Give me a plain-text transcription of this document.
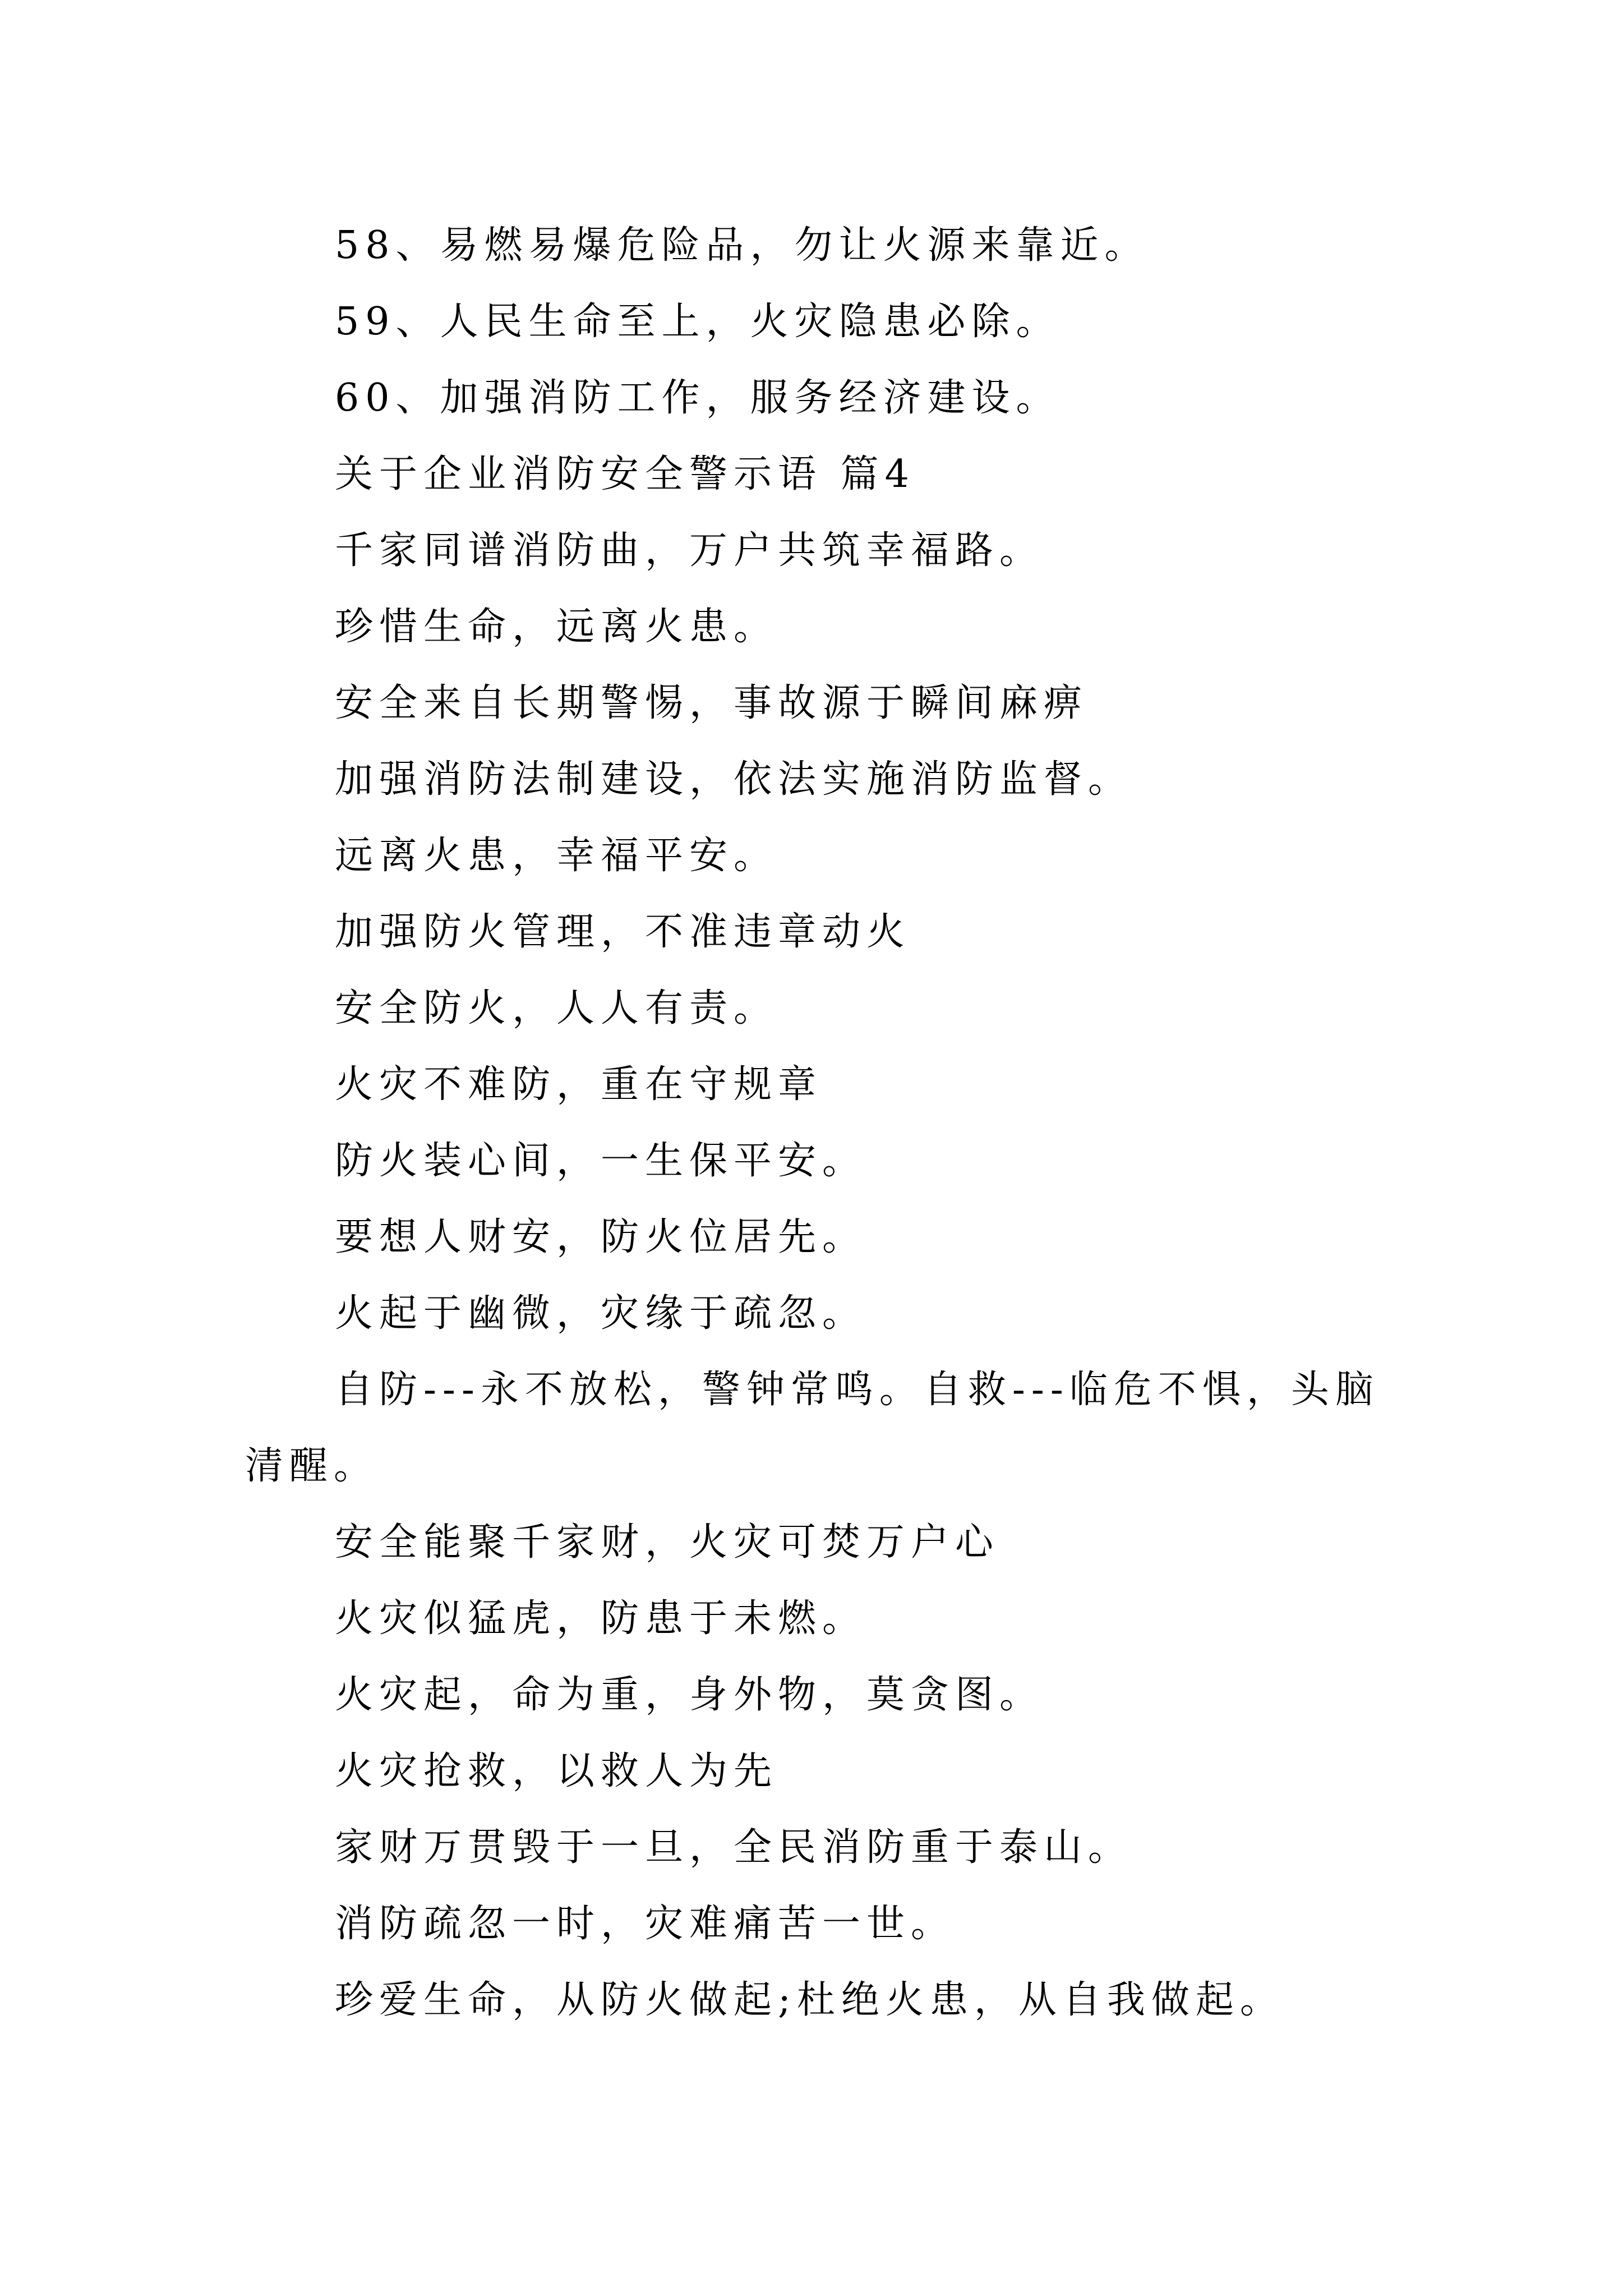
58、易燃易爆危险品，勿让火源来靠近。
59、人民生命至上，火灾隐患必除。
60、加强消防工作，服务经济建设。
关于企业消防安全警示语 篇4
千家同谱消防曲，万户共筑幸福路。
珍惜生命，远离火患。
安全来自长期警惕，事故源于瞬间麻痹
加强消防法制建设，依法实施消防监督。
远离火患，幸福平安。
加强防火管理，不准违章动火
安全防火，人人有责。
火灾不难防，重在守规章
防火装心间，一生保平安。
要想人财安，防火位居先。
火起于幽微，灾缘于疏忽。
自防---永不放松，警钟常鸣。自救---临危不惧，头脑
清醒。
安全能聚千家财，火灾可焚万户心
火灾似猛虎，防患于未燃。
火灾起，命为重，身外物，莫贪图。
火灾抢救，以救人为先
家财万贯毁于一旦，全民消防重于泰山。
消防疏忽一时，灾难痛苦一世。
珍爱生命，从防火做起;杜绝火患，从自我做起。
